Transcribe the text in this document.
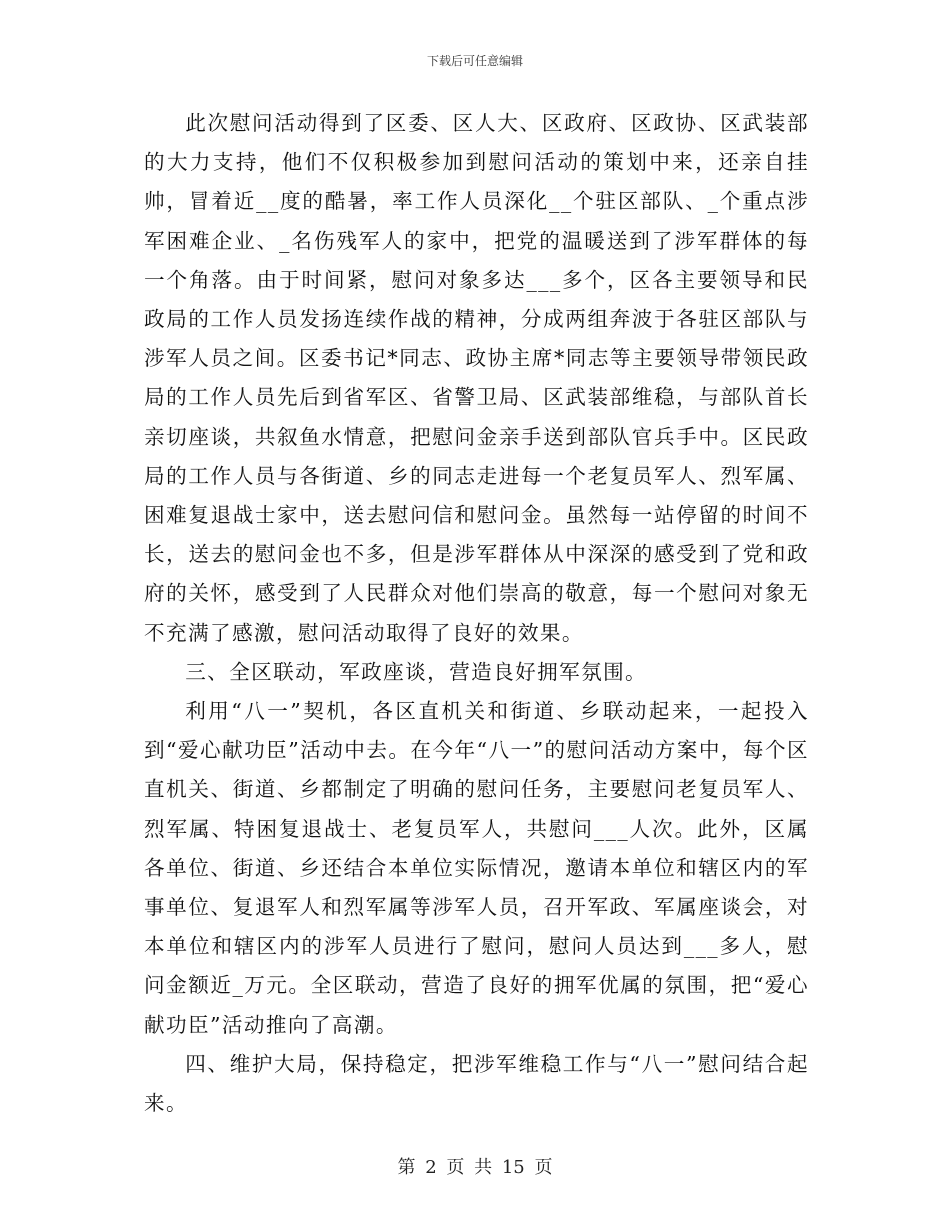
下载后可任意编辑

此次慰问活动得到了区委、区人大、区政府、区政协、区武装部的大力支持，他们不仅积极参加到慰问活动的策划中来，还亲自挂帅，冒着近__度的酷暑，率工作人员深化__个驻区部队、_个重点涉军困难企业、_名伤残军人的家中，把党的温暖送到了涉军群体的每一个角落。由于时间紧，慰问对象多达___多个，区各主要领导和民政局的工作人员发扬连续作战的精神，分成两组奔波于各驻区部队与涉军人员之间。区委书记*同志、政协主席*同志等主要领导带领民政局的工作人员先后到省军区、省警卫局、区武装部维稳，与部队首长亲切座谈，共叙鱼水情意，把慰问金亲手送到部队官兵手中。区民政局的工作人员与各街道、乡的同志走进每一个老复员军人、烈军属、困难复退战士家中，送去慰问信和慰问金。虽然每一站停留的时间不长，送去的慰问金也不多，但是涉军群体从中深深的感受到了党和政府的关怀，感受到了人民群众对他们崇高的敬意，每一个慰问对象无不充满了感激，慰问活动取得了良好的效果。

三、全区联动，军政座谈，营造良好拥军氛围。

利用“八一”契机，各区直机关和街道、乡联动起来，一起投入到“爱心献功臣”活动中去。在今年“八一”的慰问活动方案中，每个区直机关、街道、乡都制定了明确的慰问任务，主要慰问老复员军人、烈军属、特困复退战士、老复员军人，共慰问___人次。此外，区属各单位、街道、乡还结合本单位实际情况，邀请本单位和辖区内的军事单位、复退军人和烈军属等涉军人员，召开军政、军属座谈会，对本单位和辖区内的涉军人员进行了慰问，慰问人员达到___多人，慰问金额近_万元。全区联动，营造了良好的拥军优属的氛围，把“爱心献功臣”活动推向了高潮。

四、维护大局，保持稳定，把涉军维稳工作与“八一”慰问结合起来。

第 2 页 共 15 页
